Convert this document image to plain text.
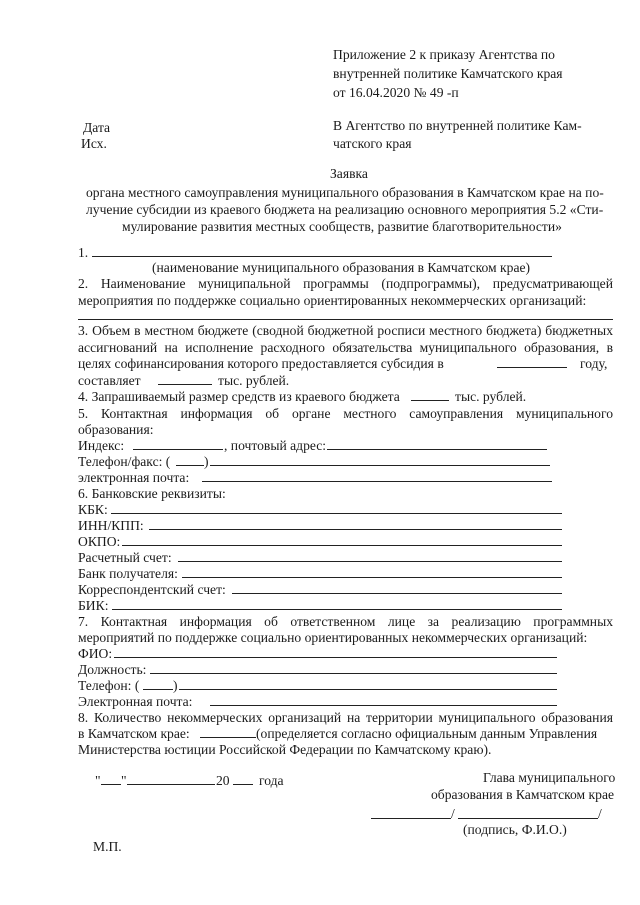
Приложение 2 к приказу Агентства по
внутренней политике Камчатского края
от 16.04.2020 № 49 -п
Дата
Исх.
В Агентство по внутренней политике Кам-
чатского края
Заявка
органа местного самоуправления муниципального образования в Камчатском крае на по-
лучение субсидии из краевого бюджета на реализацию основного мероприятия 5.2 «Сти-
мулирование развития местных сообществ, развитие благотворительности»
1.
(наименование муниципального образования в Камчатском крае)
2. Наименование муниципальной программы (подпрограммы), предусматривающей
мероприятия по поддержке социально ориентированных некоммерческих организаций:
3. Объем в местном бюджете (сводной бюджетной росписи местного бюджета) бюджетных
ассигнований на исполнение расходного обязательства муниципального образования, в
целях софинансирования которого предоставляется субсидия в	году,
составляет	тыс. рублей.
4. Запрашиваемый размер средств из краевого бюджета	тыс. рублей.
5. Контактная информация об органе местного самоуправления муниципального
образования:
Индекс:	, почтовый адрес:
Телефон/факс: ( )
электронная почта:
6. Банковские реквизиты:
КБК:
ИНН/КПП:
ОКПО:
Расчетный счет:
Банк получателя:
Корреспондентский счет:
БИК:
7. Контактная информация об ответственном лице за реализацию программных
мероприятий по поддержке социально ориентированных некоммерческих организаций:
ФИО:
Должность:
Телефон: ( )
Электронная почта:
8. Количество некоммерческих организаций на территории муниципального образования
в Камчатском крае:	(определяется согласно официальным данным Управления
Министерства юстиции Российской Федерации по Камчатскому краю).
" "	20 года	Глава муниципального
образования в Камчатском крае
/	/
(подпись, Ф.И.О.)
М.П.
